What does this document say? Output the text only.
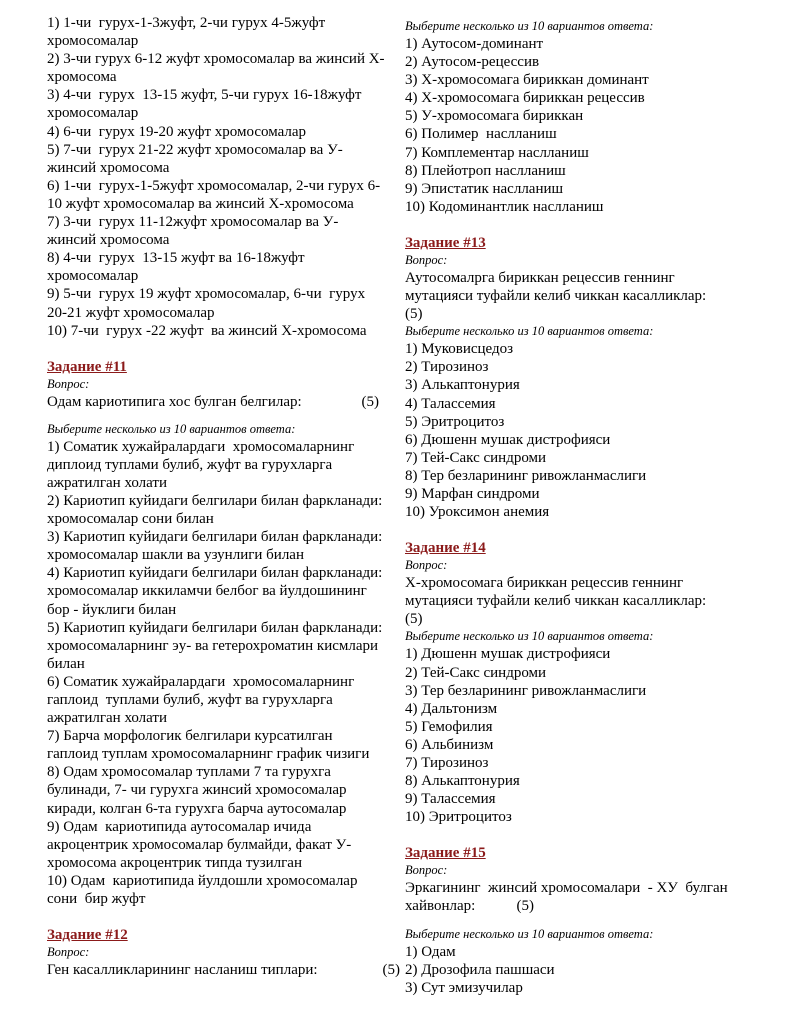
1) 1-чи  гурух-1-3жуфт, 2-чи гурух 4-5жуфт
хромосомалар
2) 3-чи гурух 6-12 жуфт хромосомалар ва жинсий Х-
хромосома
3) 4-чи  гурух  13-15 жуфт, 5-чи гурух 16-18жуфт
хромосомалар
4) 6-чи  гурух 19-20 жуфт хромосомалар
5) 7-чи  гурух 21-22 жуфт хромосомалар ва У-
жинсий хромосома
6) 1-чи  гурух-1-5жуфт хромосомалар, 2-чи гурух 6-
10 жуфт хромосомалар ва жинсий Х-хромосома
7) 3-чи  гурух 11-12жуфт хромосомалар ва У-
жинсий хромосома
8) 4-чи  гурух  13-15 жуфт ва 16-18жуфт
хромосомалар
9) 5-чи  гурух 19 жуфт хромосомалар, 6-чи  гурух
20-21 жуфт хромосомалар
10) 7-чи  гурух -22 жуфт  ва жинсий Х-хромосома
Задание #11
Вопрос:
Одам кариотипига хос булган белгилар:	(5)
Выберите несколько из 10 вариантов ответа:
1) Соматик хужайралардаги  хромосомаларнинг
диплоид туплами булиб, жуфт ва гурухларга
ажратилган холати
2) Кариотип куйидаги белгилари билан фаркланади:
хромосомалар сони билан
3) Кариотип куйидаги белгилари билан фаркланади:
хромосомалар шакли ва узунлиги билан
4) Кариотип куйидаги белгилари билан фаркланади:
хромосомалар иккиламчи белбог ва йулдошининг
бор - йуклиги билан
5) Кариотип куйидаги белгилари билан фаркланади:
хромосомаларнинг эу- ва гетерохроматин кисмлари
билан
6) Соматик хужайралардаги  хромосомаларнинг
гаплоид  туплами булиб, жуфт ва гурухларга
ажратилган холати
7) Барча морфологик белгилари курсатилган
гаплоид туплам хромосомаларнинг график чизиги
8) Одам хромосомалар туплами 7 та гурухга
булинади, 7- чи гурухга жинсий хромосомалар
киради, колган 6-та гурухга барча аутосомалар
9) Одам  кариотипида аутосомалар ичида
акроцентрик хромосомалар булмайди, факат У-
хромосома акроцентрик типда тузилган
10) Одам  кариотипида йулдошли хромосомалар
сони  бир жуфт
Задание #12
Вопрос:
Ген касалликларининг насланиш типлари:	(5)
Выберите несколько из 10 вариантов ответа:
1) Аутосом-доминант
2) Аутосом-рецессив
3) Х-хромосомага бириккан доминант
4) Х-хромосомага бириккан рецессив
5) У-хромосомага бириккан
6) Полимер  наслланиш
7) Комплементар наслланиш
8) Плейотроп наслланиш
9) Эпистатик наслланиш
10) Кодоминантлик наслланиш
Задание #13
Вопрос:
Аутосомалрга бириккан рецессив геннинг
мутацияси туфайли келиб чиккан касалликлар:
(5)
Выберите несколько из 10 вариантов ответа:
1) Муковисцедоз
2) Тирозиноз
3) Алькаптонурия
4) Талассемия
5) Эритроцитоз
6) Дюшенн мушак дистрофияси
7) Тей-Сакс синдроми
8) Тер безларининг ривожланмаслиги
9) Марфан синдроми
10) Уроксимон анемия
Задание #14
Вопрос:
Х-хромосомага бириккан рецессив геннинг
мутацияси туфайли келиб чиккан касалликлар:
(5)
Выберите несколько из 10 вариантов ответа:
1) Дюшенн мушак дистрофияси
2) Тей-Сакс синдроми
3) Тер безларининг ривожланмаслиги
4) Дальтонизм
5) Гемофилия
6) Альбинизм
7) Тирозиноз
8) Алькаптонурия
9) Талассемия
10) Эритроцитоз
Задание #15
Вопрос:
Эркагининг  жинсий хромосомалари  - ХУ  булган
хайвонлар:           (5)
Выберите несколько из 10 вариантов ответа:
1) Одам
2) Дрозофила пашшаси
3) Сут эмизучилар
